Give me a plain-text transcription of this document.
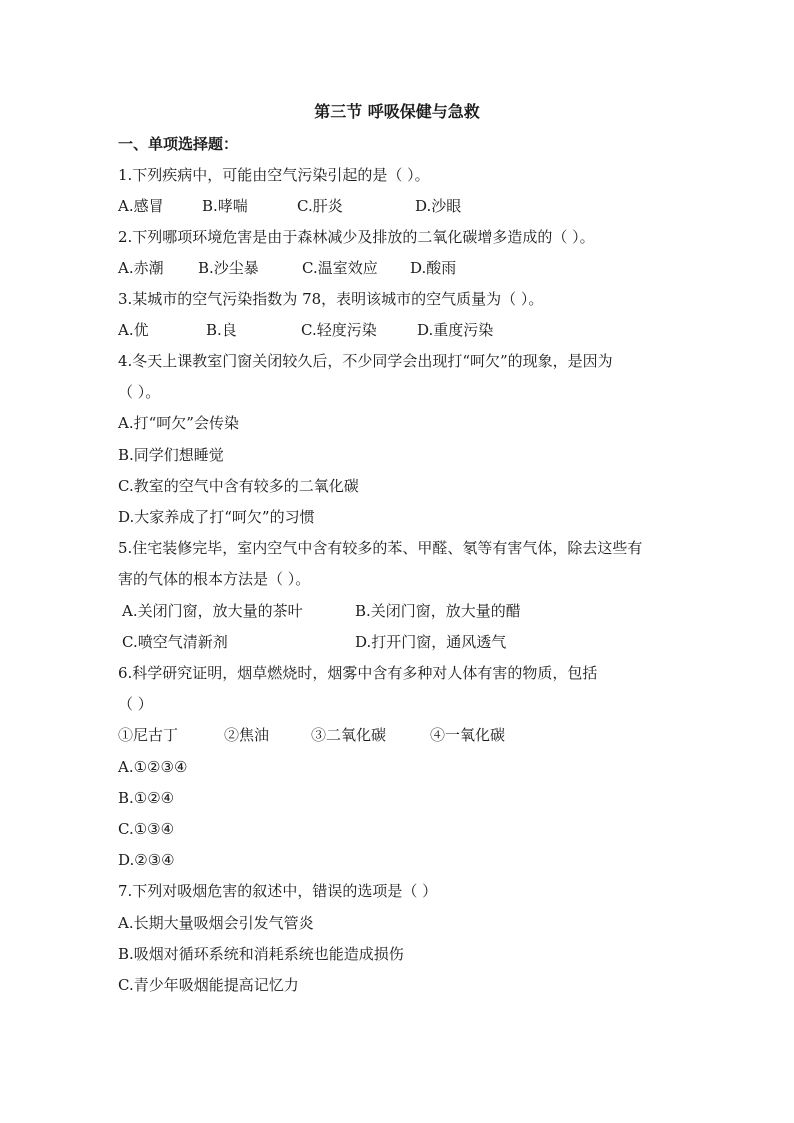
第三节 呼吸保健与急救
一、单项选择题：
1.下列疾病中，可能由空气污染引起的是（ ）。
A.感冒	B.哮喘	C.肝炎	D.沙眼
2.下列哪项环境危害是由于森林减少及排放的二氧化碳增多造成的（ ）。
A.赤潮 B.沙尘暴	C.温室效应 D.酸雨
3.某城市的空气污染指数为 78，表明该城市的空气质量为（ ）。
A.优	B.良	C.轻度污染	D.重度污染
4.冬天上课教室门窗关闭较久后，不少同学会出现打“呵欠”的现象，是因为
（ ）。
A.打“呵欠”会传染
B.同学们想睡觉
C.教室的空气中含有较多的二氧化碳
D.大家养成了打“呵欠”的习惯
5.住宅装修完毕，室内空气中含有较多的苯、甲醛、氡等有害气体，除去这些有
害的气体的根本方法是（ ）。
A.关闭门窗，放大量的茶叶	B.关闭门窗，放大量的醋
C.喷空气清新剂	D.打开门窗，通风透气
6.科学研究证明，烟草燃烧时，烟雾中含有多种对人体有害的物质，包括
（ ）
①尼古丁	②焦油	③二氧化碳	④一氧化碳
A.①②③④
B.①②④
C.①③④
D.②③④
7.下列对吸烟危害的叙述中，错误的选项是（ ）
A.长期大量吸烟会引发气管炎
B.吸烟对循环系统和消耗系统也能造成损伤
C.青少年吸烟能提高记忆力
